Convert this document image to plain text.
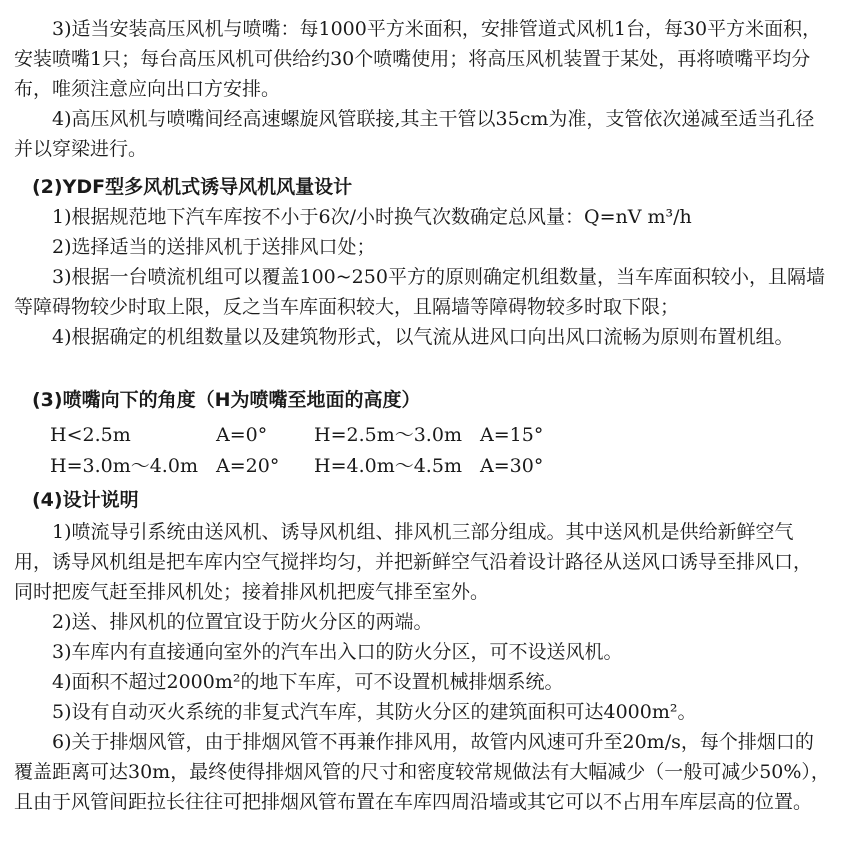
3)适当安装高压风机与喷嘴：每1000平方米面积，安排管道式风机1台，每30平方米面积，安装喷嘴1只；每台高压风机可供给约30个喷嘴使用；将高压风机装置于某处，再将喷嘴平均分布，唯须注意应向出口方安排。
4)高压风机与喷嘴间经高速螺旋风管联接,其主干管以35cm为准，支管依次递减至适当孔径并以穿梁进行。
(2)YDF型多风机式诱导风机风量设计
1)根据规范地下汽车库按不小于6次/小时换气次数确定总风量：Q=nV m³/h
2)选择适当的送排风机于送排风口处；
3)根据一台喷流机组可以覆盖100~250平方的原则确定机组数量，当车库面积较小，且隔墙等障碍物较少时取上限，反之当车库面积较大，且隔墙等障碍物较多时取下限；
4)根据确定的机组数量以及建筑物形式，以气流从进风口向出风口流畅为原则布置机组。
(3)喷嘴向下的角度（H为喷嘴至地面的高度）
H<2.5m	A=0° H=2.5m～3.0m A=15°
H=3.0m～4.0m A=20° H=4.0m～4.5m A=30°
(4)设计说明
1)喷流导引系统由送风机、诱导风机组、排风机三部分组成。其中送风机是供给新鲜空气用，诱导风机组是把车库内空气搅拌均匀，并把新鲜空气沿着设计路径从送风口诱导至排风口，同时把废气赶至排风机处；接着排风机把废气排至室外。
2)送、排风机的位置宜设于防火分区的两端。
3)车库内有直接通向室外的汽车出入口的防火分区，可不设送风机。
4)面积不超过2000m²的地下车库，可不设置机械排烟系统。
5)设有自动灭火系统的非复式汽车库，其防火分区的建筑面积可达4000m²。
6)关于排烟风管，由于排烟风管不再兼作排风用，故管内风速可升至20m/s，每个排烟口的覆盖距离可达30m，最终使得排烟风管的尺寸和密度较常规做法有大幅减少（一般可减少50%），且由于风管间距拉长往往可把排烟风管布置在车库四周沿墙或其它可以不占用车库层高的位置。
